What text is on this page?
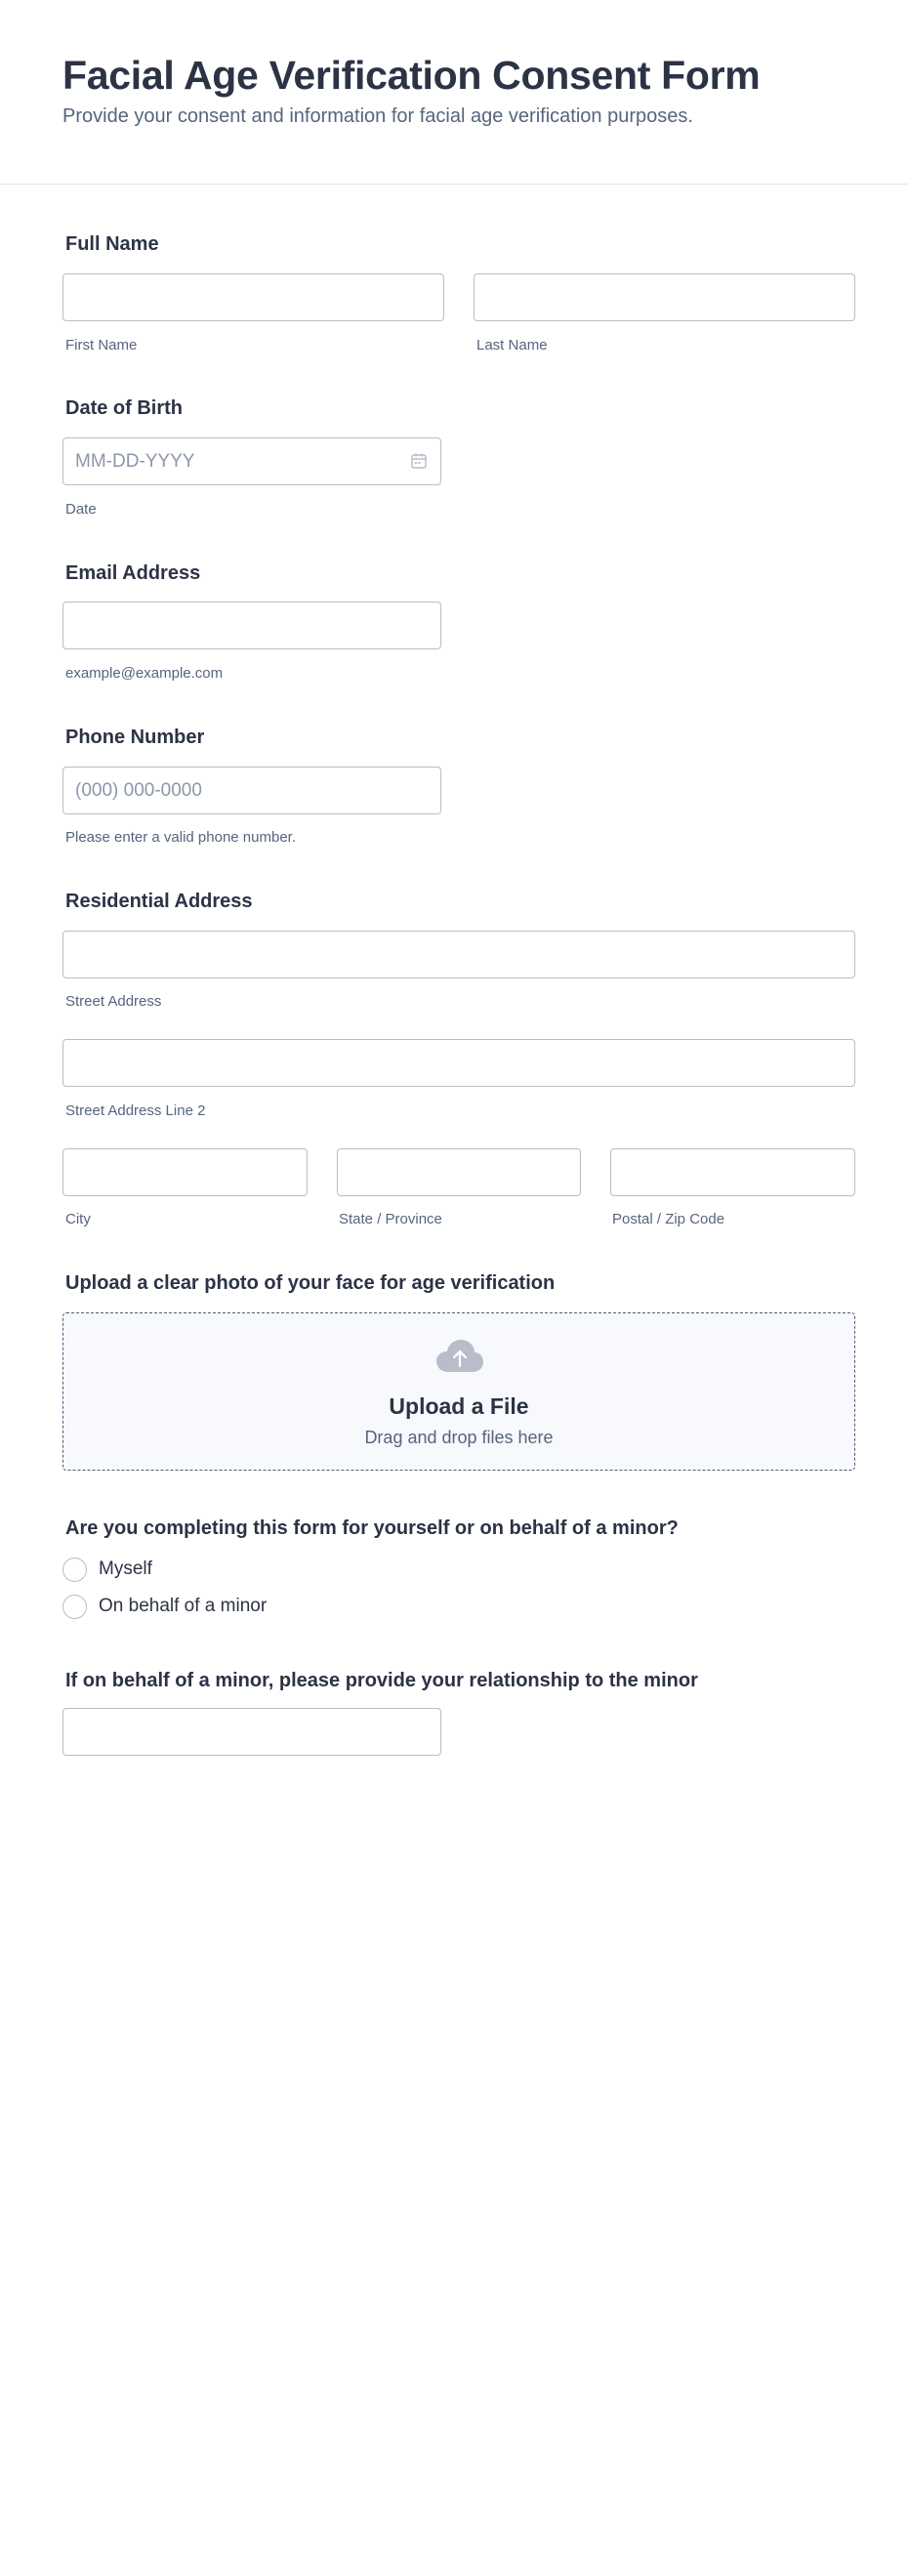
Facial Age Verification Consent Form

Provide your consent and information for facial age verification purposes.

Full Name
First Name	Last Name
Date of Birth
MM-DD-YYYY
Date
Email Address
example@example.com
Phone Number
(000) 000-0000
Please enter a valid phone number.
Residential Address
Street Address
Street Address Line 2
City	State / Province	Postal / Zip Code
Upload a clear photo of your face for age verification
Upload a File
Drag and drop files here
Are you completing this form for yourself or on behalf of a minor?
Myself
On behalf of a minor
If on behalf of a minor, please provide your relationship to the minor
